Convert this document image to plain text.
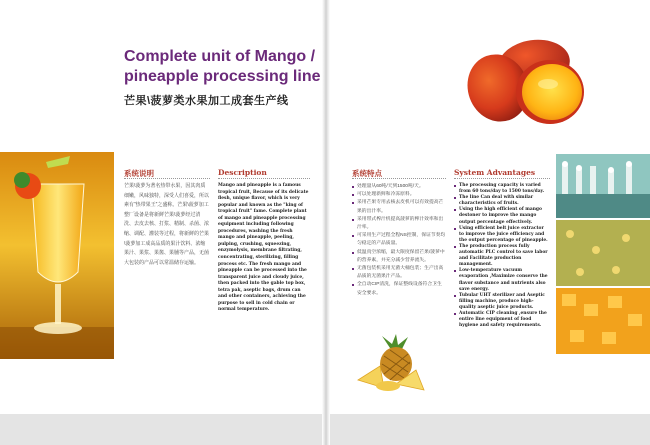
Complete unit of Mango / pineapple processing line
芒果\菠萝类水果加工成套生产线
系统说明

芒果\菠萝为著名热带水果，因其肉质细嫩，风味独特，深受人们喜爱，所以素有“热带果王”之盛称。芒果\菠萝加工整厂设备是将新鲜芒果\菠萝经过清洗、去皮去核、打浆、精制、杀菌、浓缩、调配、灌装等过程，将新鲜的芒果\菠萝加工成高品质的果汁饮料、浓缩果汁、果浆、果酱、果脯等产品，无菌大包装的产品可以常温储存运输。

Description

Mango and pineapple is a famous tropical fruit, Because of its delicate flesh, unique flavor, which is very popular and known as the "king of tropical fruit" fame. Complete plant of mango and pineapple processing equipment including following procedures, washing the fresh mango and pineapple, peeling, pulping, crushing, squeezing, enzymolysis, membrane filtrating, concentrating, sterilizing, filling process etc. The fresh mango and pineapple can be processed into the transparent juice and cloudy juice, then packed into the gable top box, tetra pak, aseptic bags, drum can and other containers, achieving the purpose to sell in cold chain or normal temperature.

系统特点
处理量从60吨/天到1500吨/天。
可以处理新鲜和冷冻原料。
采用芒果专用去核去皮机可以有效提高芒果的出汁率。
采用带式榨汁机提高菠萝的榨汁效率和出汁率。
可采用生产过程全程NS控制，保证节奏均匀稳定的产品质量。
低温真空浓缩，最大限度保留芒果/菠萝中的营养素，并充分减少营养流失。
无菌包装机采用无菌大桶包装；生产出高品质的无菌果汁产品。
全自动CIP清洗，保证整线设备符合卫生安全要求。
System Advantages
The processing capacity is varied from 60 tons/day to 1500 tons/day.
The line Can deal with similar characteristics of fruits.
Using the high efficient of mango destoner to improve the mango output percentage effectively.
Using efficient belt juice extractor to improve the juice efficiency and the output percentage of pineapple.
The production process fully automatic PLC control to save labor and Facilitate production management.
Low-temperature vacuum evaporation ,Maximize conserve the flavor substance and nutrients also save energy.
Tubular UHT sterilizer and Aseptic filling machine, produce high-quality aseptic juice products.
Automatic CIP cleaning ,ensure the entire line equipment of food hygiene and safety requirements.
